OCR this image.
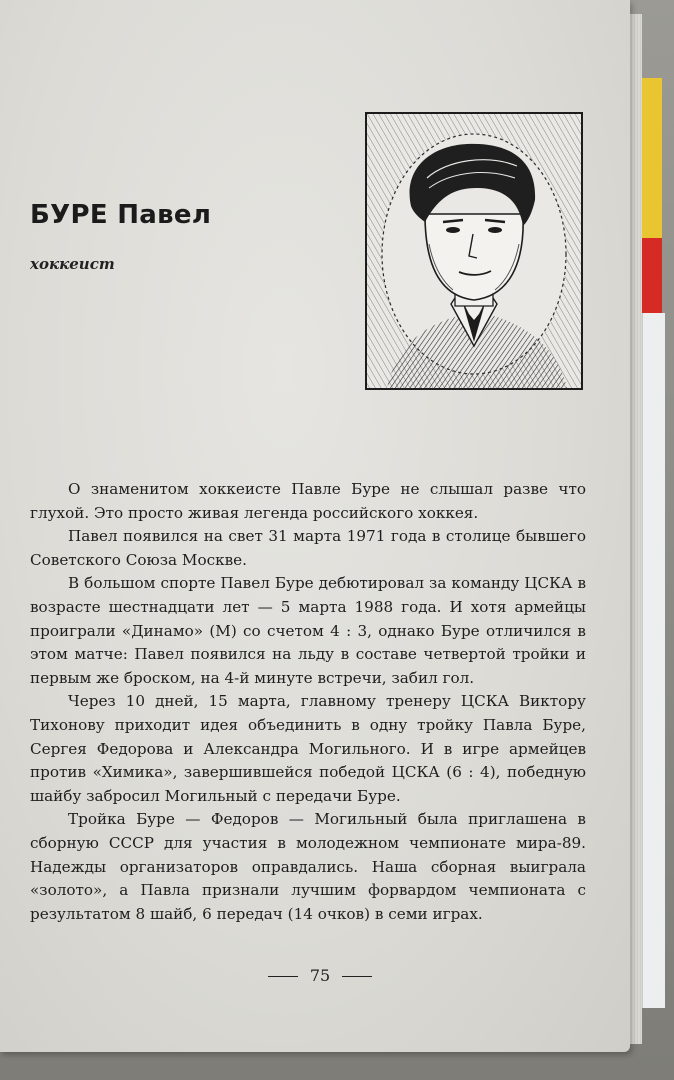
БУРЕ Павел
хоккеист

О знаменитом хоккеисте Павле Буре не слышал разве что глухой. Это просто живая легенда российского хоккея.

Павел появился на свет 31 марта 1971 года в столице бывшего Советского Союза Москве.

В большом спорте Павел Буре дебютировал за команду ЦСКА в возрасте шестнадцати лет — 5 марта 1988 года. И хотя армейцы проиграли «Динамо» (М) со счетом 4 : 3, однако Буре отличился в этом матче: Павел появился на льду в составе четвертой тройки и первым же броском, на 4-й минуте встречи, забил гол.

Через 10 дней, 15 марта, главному тренеру ЦСКА Виктору Тихонову приходит идея объединить в одну тройку Павла Буре, Сергея Федорова и Александра Могильного. И в игре армейцев против «Химика», завершившейся победой ЦСКА (6 : 4), победную шайбу забросил Могильный с передачи Буре.

Тройка Буре — Федоров — Могильный была приглашена в сборную СССР для участия в молодежном чемпионате мира-89. Надежды организаторов оправдались. Наша сборная выиграла «золото», а Павла признали лучшим форвардом чемпионата с результатом 8 шайб, 6 передач (14 очков) в семи играх.

75
